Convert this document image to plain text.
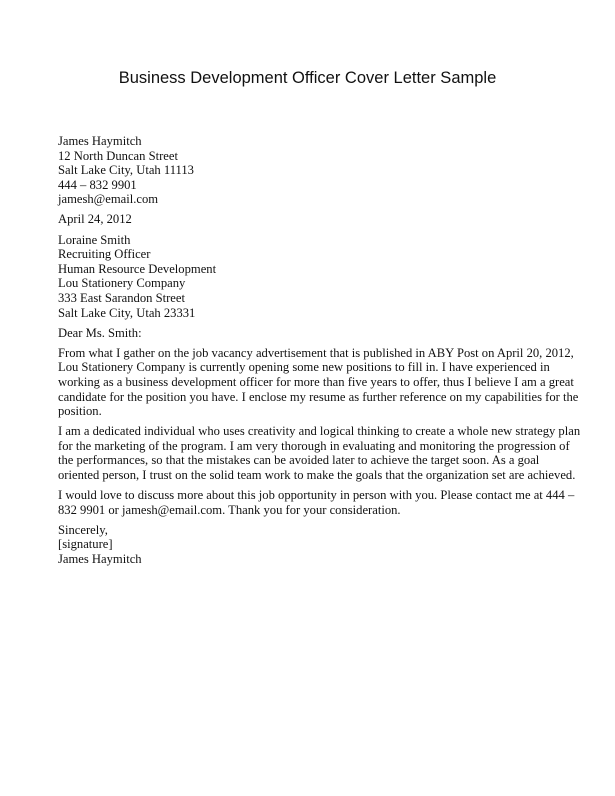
Business Development Officer Cover Letter Sample
James Haymitch
12 North Duncan Street
Salt Lake City, Utah 11113
444 – 832 9901
jamesh@email.com
April 24, 2012
Loraine Smith
Recruiting Officer
Human Resource Development
Lou Stationery Company
333 East Sarandon Street
Salt Lake City, Utah 23331
Dear Ms. Smith:
From what I gather on the job vacancy advertisement that is published in ABY Post on April 20, 2012,
Lou Stationery Company is currently opening some new positions to fill in. I have experienced in
working as a business development officer for more than five years to offer, thus I believe I am a great
candidate for the position you have. I enclose my resume as further reference on my capabilities for the
position.
I am a dedicated individual who uses creativity and logical thinking to create a whole new strategy plan
for the marketing of the program. I am very thorough in evaluating and monitoring the progression of
the performances, so that the mistakes can be avoided later to achieve the target soon. As a goal
oriented person, I trust on the solid team work to make the goals that the organization set are achieved.
I would love to discuss more about this job opportunity in person with you. Please contact me at 444 –
832 9901 or jamesh@email.com. Thank you for your consideration.
Sincerely,
[signature]
James Haymitch
